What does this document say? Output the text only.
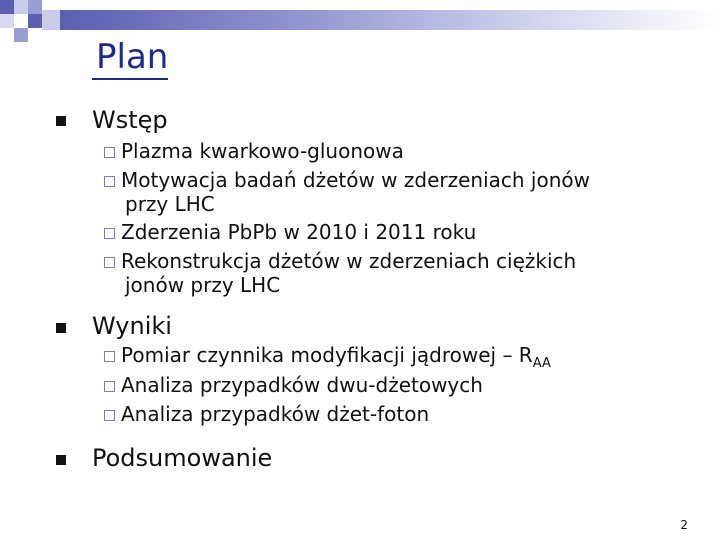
Plan
Wstęp
Plazma kwarkowo-gluonowa
Motywacja badań dżetów w zderzeniach jonów
przy LHC
Zderzenia PbPb w 2010 i 2011 roku
Rekonstrukcja dżetów w zderzeniach ciężkich
jonów przy LHC
Wyniki
Pomiar czynnika modyfikacji jądrowej – $R_{AA}$
Analiza przypadków dwu-dżetowych
Analiza przypadków dżet-foton
Podsumowanie
2
